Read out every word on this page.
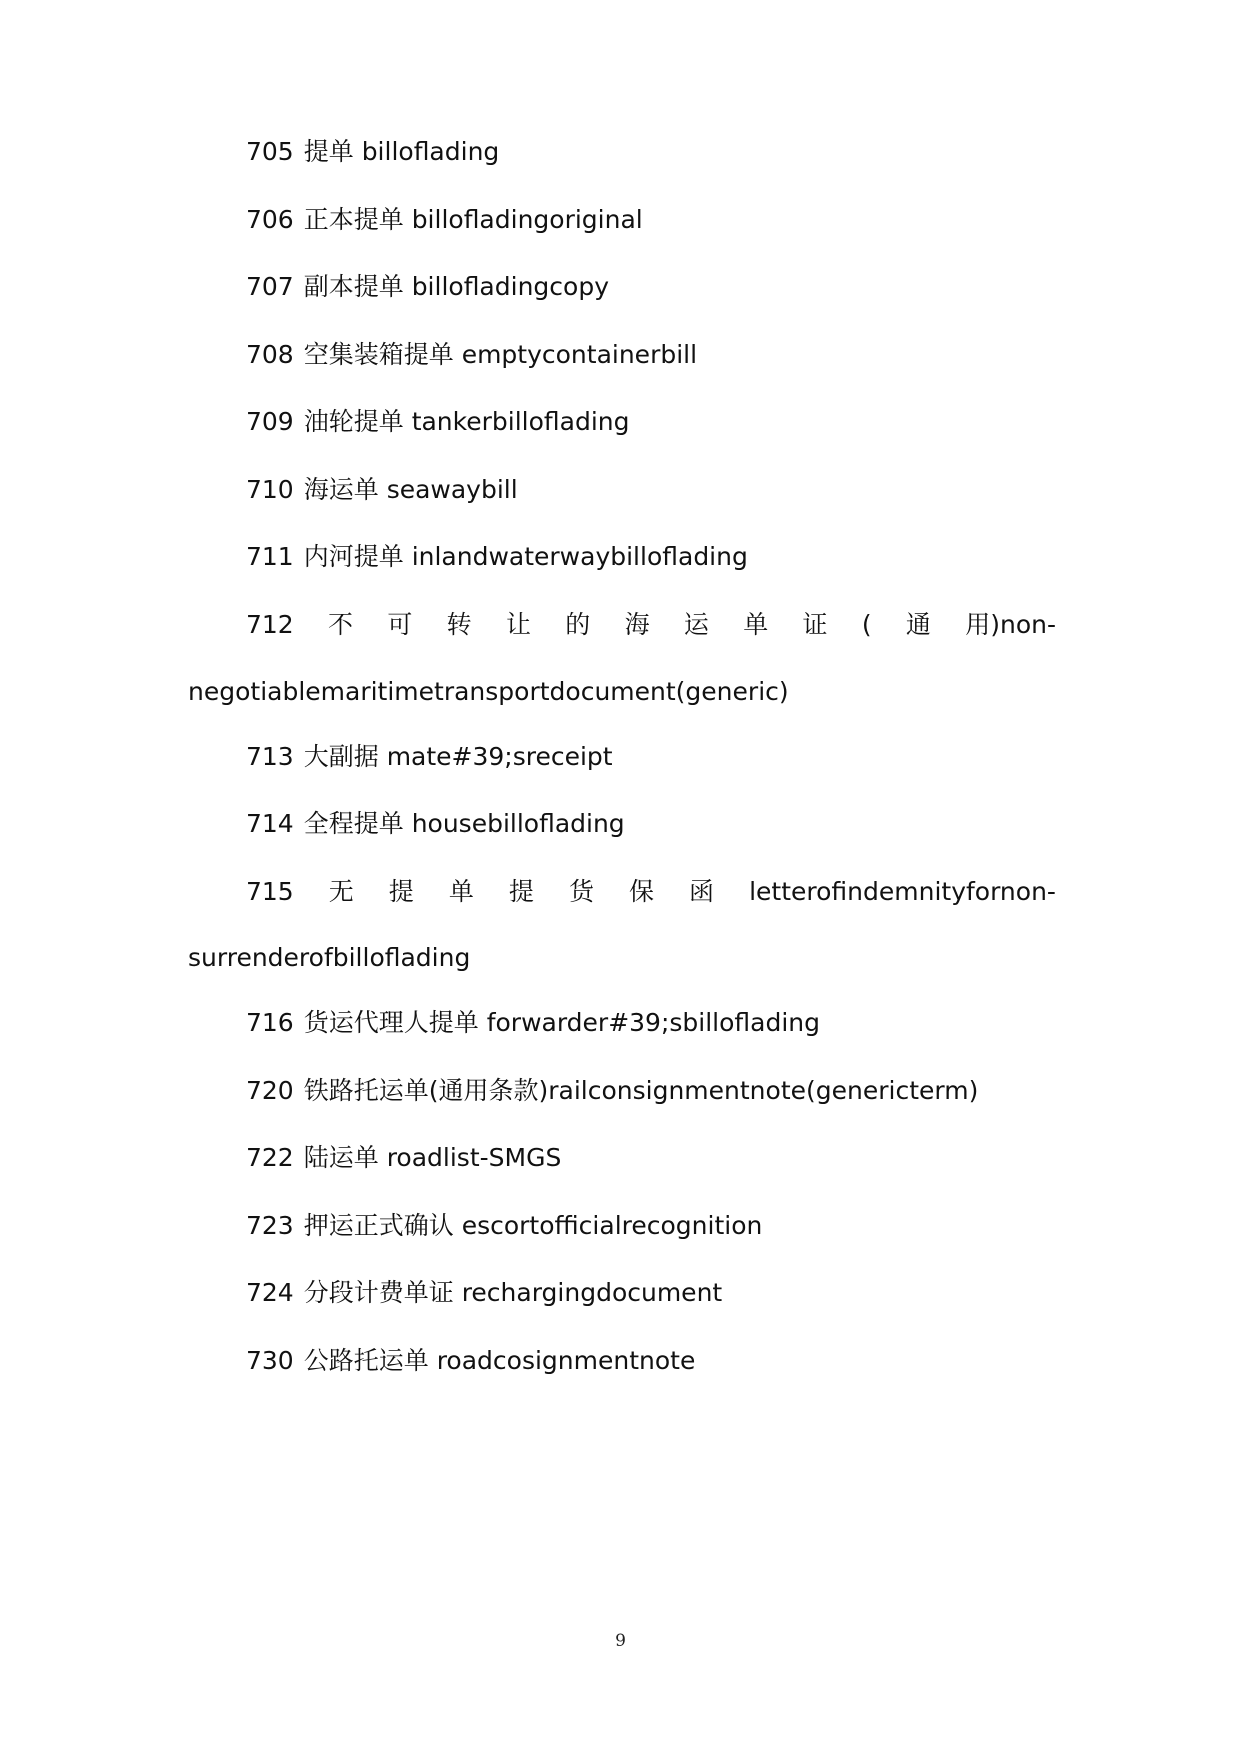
705 提单 billoflading
706 正本提单 billofladingoriginal
707 副本提单 billofladingcopy
708 空集装箱提单 emptycontainerbill
709 油轮提单 tankerbilloflading
710 海运单 seawaybill
711 内河提单 inlandwaterwaybilloflading
712 不 可 转 让 的 海 运 单 证 ( 通 用)non-
negotiablemaritimetransportdocument(generic)
713 大副据 mate#39;sreceipt
714 全程提单 housebilloflading
715 无 提 单 提 货 保 函 letterofindemnityfornon-
surrenderofbilloflading
716 货运代理人提单 forwarder#39;sbilloflading
720 铁路托运单(通用条款)railconsignmentnote(genericterm)
722 陆运单 roadlist-SMGS
723 押运正式确认 escortofficialrecognition
724 分段计费单证 rechargingdocument
730 公路托运单 roadcosignmentnote
9
